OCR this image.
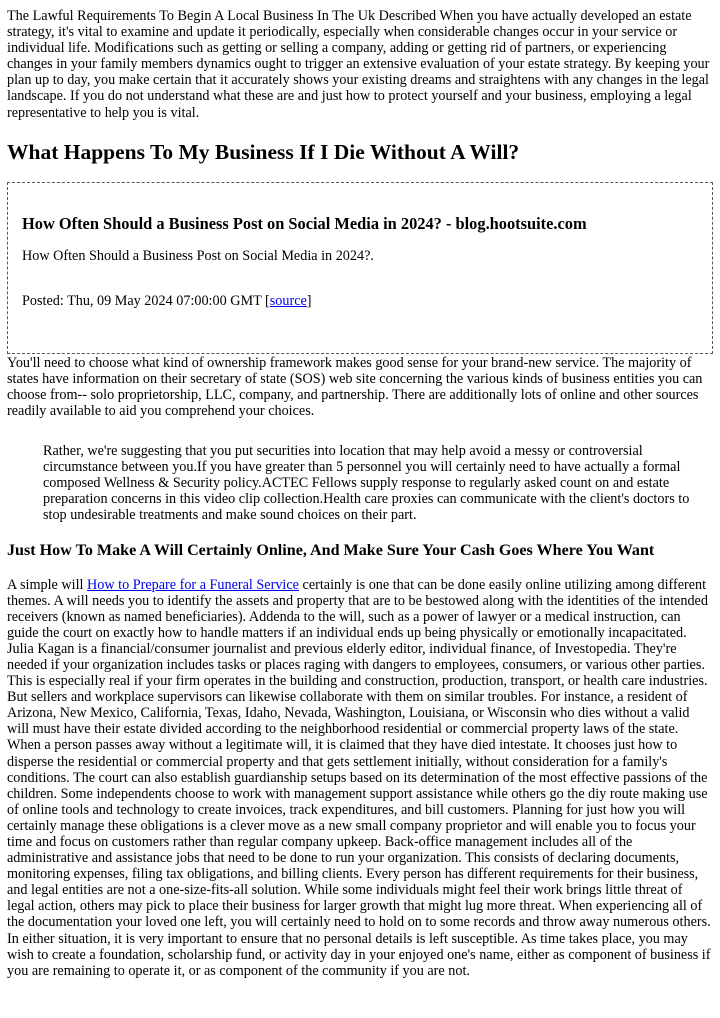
The Lawful Requirements To Begin A Local Business In The Uk Described When you have actually developed an estate strategy, it's vital to examine and update it periodically, especially when considerable changes occur in your service or individual life. Modifications such as getting or selling a company, adding or getting rid of partners, or experiencing changes in your family members dynamics ought to trigger an extensive evaluation of your estate strategy. By keeping your plan up to day, you make certain that it accurately shows your existing dreams and straightens with any changes in the legal landscape. If you do not understand what these are and just how to protect yourself and your business, employing a legal representative to help you is vital.

What Happens To My Business If I Die Without A Will?
How Often Should a Business Post on Social Media in 2024? - blog.hootsuite.com

How Often Should a Business Post on Social Media in 2024?.

Posted: Thu, 09 May 2024 07:00:00 GMT [source]

You'll need to choose what kind of ownership framework makes good sense for your brand-new service. The majority of states have information on their secretary of state (SOS) web site concerning the various kinds of business entities you can choose from-- solo proprietorship, LLC, company, and partnership. There are additionally lots of online and other sources readily available to aid you comprehend your choices.

Rather, we're suggesting that you put securities into location that may help avoid a messy or controversial circumstance between you.If you have greater than 5 personnel you will certainly need to have actually a formal composed Wellness & Security policy.ACTEC Fellows supply response to regularly asked count on and estate preparation concerns in this video clip collection.Health care proxies can communicate with the client's doctors to stop undesirable treatments and make sound choices on their part.
Just How To Make A Will Certainly Online, And Make Sure Your Cash Goes Where You Want

A simple will How to Prepare for a Funeral Service certainly is one that can be done easily online utilizing among different themes. A will needs you to identify the assets and property that are to be bestowed along with the identities of the intended receivers (known as named beneficiaries). Addenda to the will, such as a power of lawyer or a medical instruction, can guide the court on exactly how to handle matters if an individual ends up being physically or emotionally incapacitated. Julia Kagan is a financial/consumer journalist and previous elderly editor, individual finance, of Investopedia. They're needed if your organization includes tasks or places raging with dangers to employees, consumers, or various other parties. This is especially real if your firm operates in the building and construction, production, transport, or health care industries. But sellers and workplace supervisors can likewise collaborate with them on similar troubles. For instance, a resident of Arizona, New Mexico, California, Texas, Idaho, Nevada, Washington, Louisiana, or Wisconsin who dies without a valid will must have their estate divided according to the neighborhood residential or commercial property laws of the state. When a person passes away without a legitimate will, it is claimed that they have died intestate. It chooses just how to disperse the residential or commercial property and that gets settlement initially, without consideration for a family's conditions. The court can also establish guardianship setups based on its determination of the most effective passions of the children. Some independents choose to work with management support assistance while others go the diy route making use of online tools and technology to create invoices, track expenditures, and bill customers. Planning for just how you will certainly manage these obligations is a clever move as a new small company proprietor and will enable you to focus your time and focus on customers rather than regular company upkeep. Back-office management includes all of the administrative and assistance jobs that need to be done to run your organization. This consists of declaring documents, monitoring expenses, filing tax obligations, and billing clients. Every person has different requirements for their business, and legal entities are not a one-size-fits-all solution. While some individuals might feel their work brings little threat of legal action, others may pick to place their business for larger growth that might lug more threat. When experiencing all of the documentation your loved one left, you will certainly need to hold on to some records and throw away numerous others. In either situation, it is very important to ensure that no personal details is left susceptible. As time takes place, you may wish to create a foundation, scholarship fund, or activity day in your enjoyed one's name, either as component of business if you are remaining to operate it, or as component of the community if you are not.
